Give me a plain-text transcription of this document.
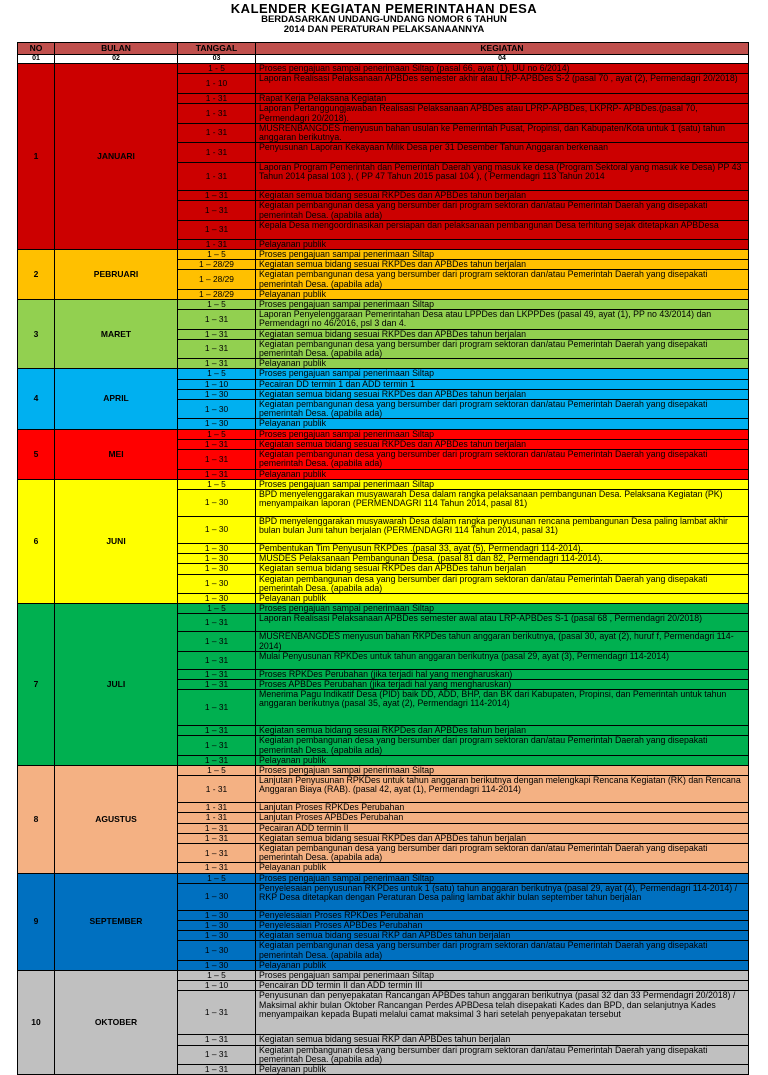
KALENDER KEGIATAN PEMERINTAHAN DESA
BERDASARKAN UNDANG-UNDANG NOMOR 6 TAHUN
2014 DAN PERATURAN PELAKSANAANNYA
NO	BULAN	TANGGAL	KEGIATAN
01	02	03	04
1	JANUARI	1 - 5	Proses pengajuan sampai penerimaan Siltap (pasal 66, ayat (1), UU no 6/2014)
		1 - 10	Laporan Realisasi Pelaksanaan APBDes semester akhir atau LRP-APBDes S-2 (pasal 70 , ayat (2), Permendagri 20/2018)
		1 - 31	Rapat Kerja Pelaksana Kegiatan
		1 - 31	Laporan Pertanggungjawaban Realisasi Pelaksanaan APBDes atau LPRP-APBDes, LKPRP- APBDes.(pasal 70, Permendagri 20/2018).
		1 - 31	MUSRENBANGDES menyusun bahan usulan ke Pemerintah Pusat, Propinsi, dan Kabupaten/Kota untuk 1 (satu) tahun anggaran berikutnya.
		1 - 31	Penyusunan Laporan Kekayaan Milik Desa per 31 Desember Tahun Anggaran berkenaan
		1 - 31	Laporan Program Pemerintah dan Pemerintah Daerah yang masuk ke desa (Program Sektoral yang masuk ke Desa) PP 43 Tahun 2014 pasal 103 ), ( PP 47 Tahun 2015 pasal 104 ), ( Permendagri 113 Tahun 2014
		1 – 31	Kegiatan semua bidang sesuai RKPDes dan APBDes tahun berjalan
		1 – 31	Kegiatan pembangunan desa yang bersumber dari program sektoran dan/atau Pemerintah Daerah yang disepakati pemerintah Desa. (apabila ada)
		1 – 31	Kepala Desa mengoordinasikan persiapan dan pelaksanaan pembangunan Desa terhitung sejak ditetapkan APBDesa
		1 - 31	Pelayanan publik
2	PEBRUARI	1 – 5	Proses pengajuan sampai penerimaan Siltap
		1 – 28/29	Kegiatan semua bidang sesuai RKPDes dan APBDes tahun berjalan
		1 – 28/29	Kegiatan pembangunan desa yang bersumber dari program sektoran dan/atau Pemerintah Daerah yang disepakati pemerintah Desa. (apabila ada)
		1 – 28/29	Pelayanan publik
3	MARET	1 – 5	Proses pengajuan sampai penerimaan Siltap
		1 – 31	Laporan Penyelenggaraan Pemerintahan Desa atau LPPDes dan LKPPDes (pasal 49, ayat (1), PP no 43/2014) dan Permendagri no 46/2016, psl 3 dan 4.
		1 – 31	Kegiatan semua bidang sesuai RKPDes dan APBDes tahun berjalan
		1 – 31	Kegiatan pembangunan desa yang bersumber dari program sektoran dan/atau Pemerintah Daerah yang disepakati pemerintah Desa. (apabila ada)
		1 – 31	Pelayanan publik
4	APRIL	1 – 5	Proses pengajuan sampai penerimaan Siltap
		1 – 10	Pecairan DD termin 1 dan ADD termin 1
		1 – 30	Kegiatan semua bidang sesuai RKPDes dan APBDes tahun berjalan
		1 – 30	Kegiatan pembangunan desa yang bersumber dari program sektoran dan/atau Pemerintah Daerah yang disepakati pemerintah Desa. (apabila ada)
		1 – 30	Pelayanan publik
5	MEI	1 – 5	Proses pengajuan sampai penerimaan Siltap
		1 – 31	Kegiatan semua bidang sesuai RKPDes dan APBDes tahun berjalan
		1 – 31	Kegiatan pembangunan desa yang bersumber dari program sektoran dan/atau Pemerintah Daerah yang disepakati pemerintah Desa. (apabila ada)
		1 – 31	Pelayanan publik
6	JUNI	1 – 5	Proses pengajuan sampai penerimaan Siltap
		1 – 30	BPD menyelenggarakan musyawarah Desa dalam rangka pelaksanaan pembangunan Desa. Pelaksana Kegiatan (PK) menyampaikan laporan (PERMENDAGRI 114 Tahun 2014, pasal 81)
		1 – 30	BPD menyelenggarakan musyawarah Desa dalam rangka penyusunan rencana pembangunan Desa paling lambat akhir bulan bulan Juni tahun berjalan (PERMENDAGRI 114 Tahun 2014, pasal 31)
		1 – 30	Pembentukan Tim Penyusun RKPDes .(pasal 33, ayat (5), Permendagri 114-2014).
		1 – 30	MUSDES Pelaksanaan Pembangunan Desa. (pasal 81 dan 82, Permendagri 114-2014).
		1 – 30	Kegiatan semua bidang sesuai RKPDes dan APBDes tahun berjalan
		1 – 30	Kegiatan pembangunan desa yang bersumber dari program sektoran dan/atau Pemerintah Daerah yang disepakati pemerintah Desa. (apabila ada)
		1 – 30	Pelayanan publik
7	JULI	1 – 5	Proses pengajuan sampai penerimaan Siltap
		1 – 31	Laporan Realisasi Pelaksanaan APBDes semester awal atau LRP-APBDes S-1 (pasal 68 , Permendagri 20/2018)
		1 – 31	MUSRENBANGDES menyusun bahan RKPDes tahun anggaran berikutnya, (pasal 30, ayat (2), huruf f, Permendagri 114-2014)
		1 – 31	Mulai Penyusunan RPKDes untuk tahun anggaran berikutnya (pasal 29, ayat (3), Permendagri 114-2014)
		1 – 31	Proses RPKDes Perubahan (jika terjadi hal yang mengharuskan)
		1 – 31	Proses APBDes Perubahan (jika terjadi hal yang mengharuskan)
		1 – 31	Menerima Pagu Indikatif Desa (PID) baik DD, ADD, BHP, dan BK dari Kabupaten, Propinsi, dan Pemerintah untuk tahun anggaran berikutnya (pasal 35, ayat (2), Permendagri 114-2014)
		1 – 31	Kegiatan semua bidang sesuai RKPDes dan APBDes tahun berjalan
		1 – 31	Kegiatan pembangunan desa yang bersumber dari program sektoran dan/atau Pemerintah Daerah yang disepakati pemerintah Desa. (apabila ada)
		1 – 31	Pelayanan publik
8	AGUSTUS	1 – 5	Proses pengajuan sampai penerimaan Siltap
		1 - 31	Lanjutan Penyusunan RPKDes untuk tahun anggaran berikutnya dengan melengkapi Rencana Kegiatan (RK) dan Rencana Anggaran Biaya (RAB). (pasal 42, ayat (1), Permendagri 114-2014)
		1 - 31	Lanjutan Proses RPKDes Perubahan
		1 - 31	Lanjutan Proses APBDes Perubahan
		1 – 31	Pecairan ADD termin II
		1 – 31	Kegiatan semua bidang sesuai RKPDes dan APBDes tahun berjalan
		1 – 31	Kegiatan pembangunan desa yang bersumber dari program sektoran dan/atau Pemerintah Daerah yang disepakati pemerintah Desa. (apabila ada)
		1 – 31	Pelayanan publik
9	SEPTEMBER	1 – 5	Proses pengajuan sampai penerimaan Siltap
		1 – 30	Penyelesaian penyusunan RKPDes untuk 1 (satu) tahun anggaran berikutnya (pasal 29, ayat (4), Permendagri 114-2014) / RKP Desa ditetapkan dengan Peraturan Desa paling lambat akhir bulan september tahun berjalan
		1 – 30	Penyelesaian Proses RPKDes Perubahan
		1 – 30	Penyelesaian Proses APBDes Perubahan
		1 – 30	Kegiatan semua bidang sesuai RKP dan APBDes tahun berjalan
		1 – 30	Kegiatan pembangunan desa yang bersumber dari program sektoran dan/atau Pemerintah Daerah yang disepakati pemerintah Desa. (apabila ada)
		1 – 30	Pelayanan publik
10	OKTOBER	1 – 5	Proses pengajuan sampai penerimaan Siltap
		1 – 10	Pencairan DD termin II dan ADD termin III
		1 – 31	Penyusunan dan penyepakatan Rancangan APBDes tahun anggaran berikutnya (pasal 32 dan 33 Permendagri 20/2018) / Maksimal akhir bulan Oktober Rancangan Perdes APBDesa telah disepakati Kades dan BPD, dan selanjutnya Kades menyampaikan kepada Bupati melalui camat maksimal 3 hari setelah penyepakatan tersebut
		1 – 31	Kegiatan semua bidang sesuai RKP dan APBDes tahun berjalan
		1 – 31	Kegiatan pembangunan desa yang bersumber dari program sektoran dan/atau Pemerintah Daerah yang disepakati pemerintah Desa. (apabila ada)
		1 – 31	Pelayanan publik
